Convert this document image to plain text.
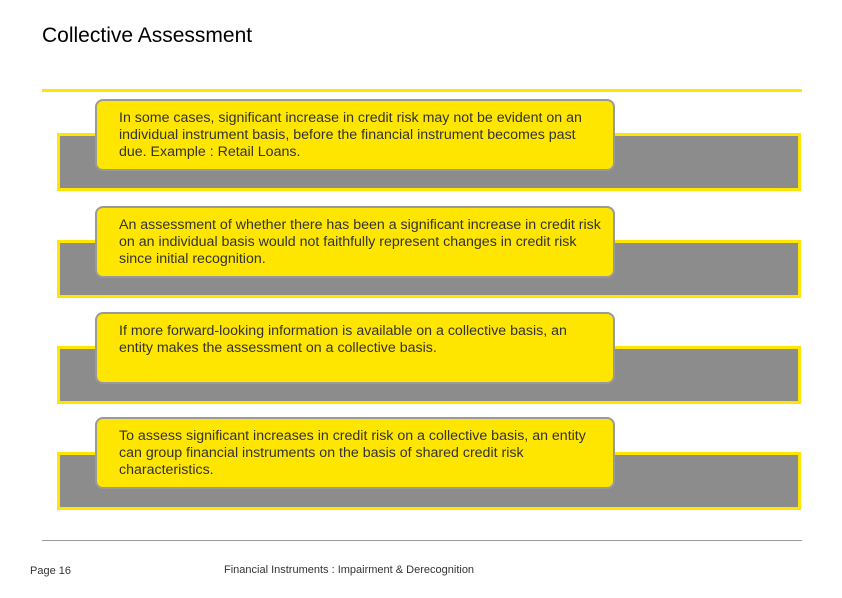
Collective Assessment
In some cases, significant increase in credit risk may not be evident on an individual instrument basis, before the financial instrument becomes past due. Example : Retail Loans.
An assessment of whether there has been a significant increase in credit risk on an individual basis would not faithfully represent changes in credit risk since initial recognition.
If more forward-looking information is available on a collective basis, an entity makes the assessment on a collective basis.
To assess significant increases in credit risk on a collective basis, an entity can group financial instruments on the basis of shared credit risk characteristics.
Page 16	Financial Instruments : Impairment & Derecognition
